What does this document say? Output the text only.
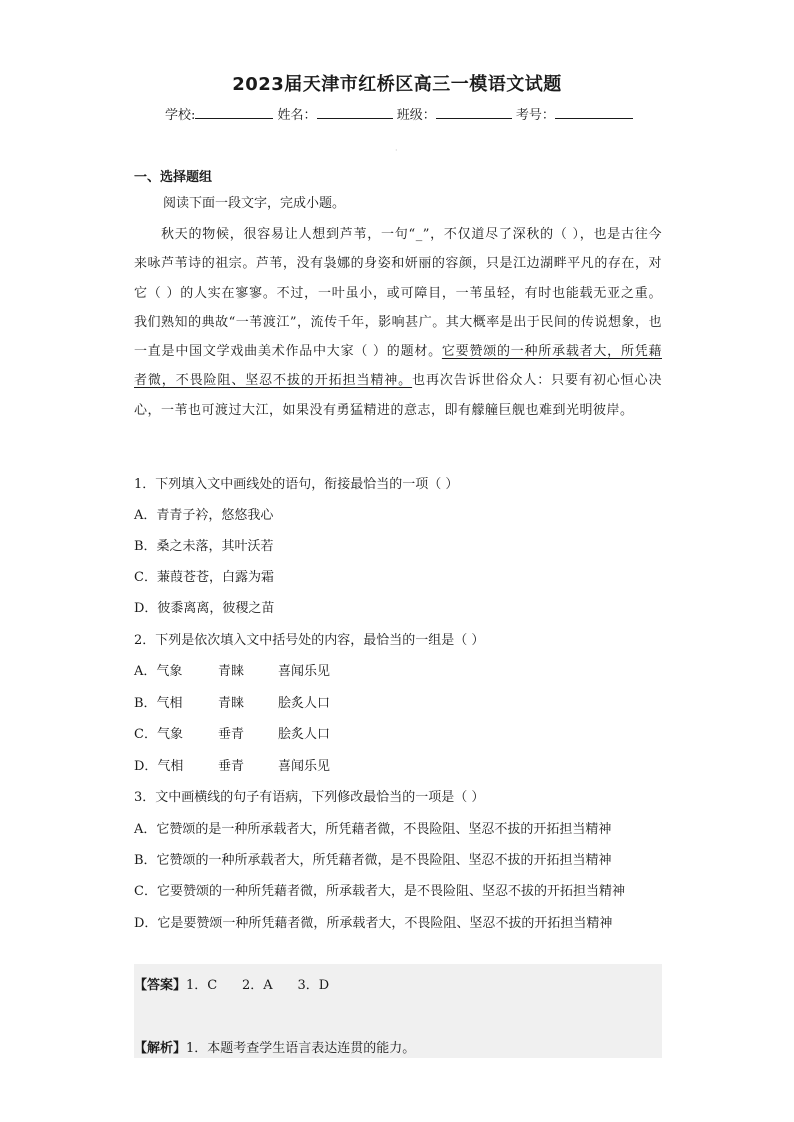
2023届天津市红桥区高三一模语文试题
学校:	姓名：	班级：	考号：
·
一、选择题组
阅读下面一段文字，完成小题。

秋天的物候，很容易让人想到芦苇，一句“_”，不仅道尽了深秋的（ ），也是古往今来咏芦苇诗的祖宗。芦苇，没有袅娜的身姿和妍丽的容颜，只是江边湖畔平凡的存在，对它（ ）的人实在寥寥。不过，一叶虽小，或可障目，一苇虽轻，有时也能载无亚之重。我们熟知的典故“一苇渡江”，流传千年，影响甚广。其大概率是出于民间的传说想象，也一直是中国文学戏曲美术作品中大家（ ）的题材。它要赞颂的一种所承载者大，所凭藉者微，不畏险阻、坚忍不拔的开拓担当精神。也再次告诉世俗众人：只要有初心恒心决心，一苇也可渡过大江，如果没有勇猛精进的意志，即有艨艟巨舰也难到光明彼岸。

1．下列填入文中画线处的语句，衔接最恰当的一项（ ）
A．青青子衿，悠悠我心
B．桑之未落，其叶沃若
C．蒹葭苍苍，白露为霜
D．彼黍离离，彼稷之苗
2．下列是依次填入文中括号处的内容，最恰当的一组是（ ）
A．气象	青睐	喜闻乐见
B．气相	青睐	脍炙人口
C．气象	垂青	脍炙人口
D．气相	垂青	喜闻乐见
3．文中画横线的句子有语病，下列修改最恰当的一项是（ ）
A．它赞颂的是一种所承载者大，所凭藉者微，不畏险阻、坚忍不拔的开拓担当精神
B．它赞颂的一种所承载者大，所凭藉者微，是不畏险阻、坚忍不拔的开拓担当精神
C．它要赞颂的一种所凭藉者微，所承载者大，是不畏险阻、坚忍不拔的开拓担当精神
D．它是要赞颂一种所凭藉者微，所承载者大，不畏险阻、坚忍不拔的开拓担当精神
【答案】1．C      2．A      3．D
【解析】1．本题考查学生语言表达连贯的能力。
